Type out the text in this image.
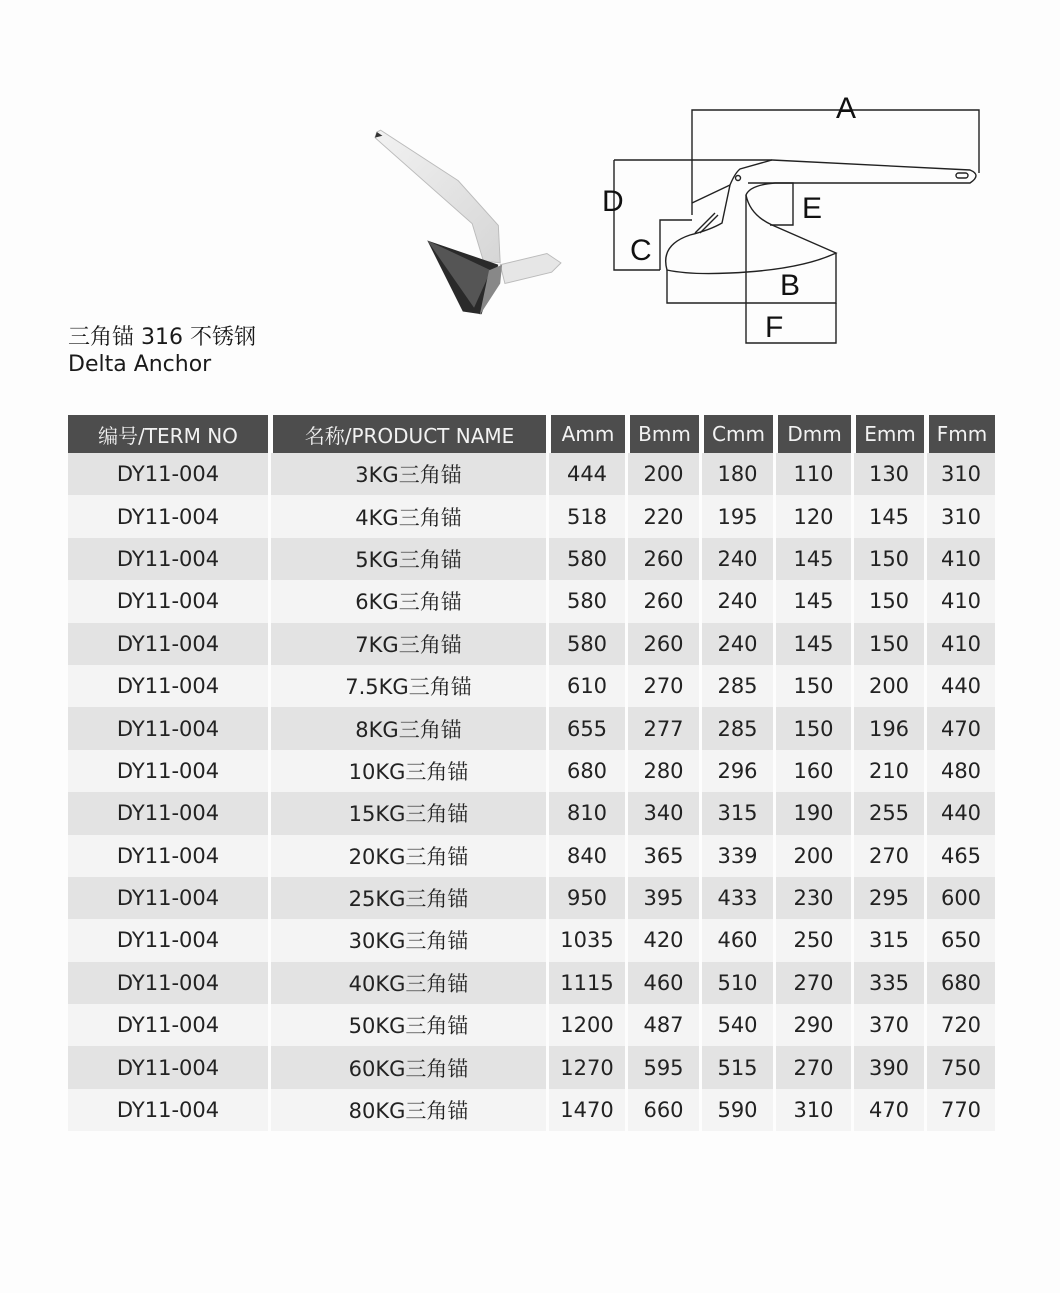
A
B
C
D	E
F
三角锚 316 不锈钢
Delta Anchor
编号/TERM NO	名称/PRODUCT NAME	Amm	Bmm	Cmm	Dmm	Emm	Fmm
DY11-004	3KG三角锚	444	200	180	110	130	310
DY11-004	4KG三角锚	518	220	195	120	145	310
DY11-004	5KG三角锚	580	260	240	145	150	410
DY11-004	6KG三角锚	580	260	240	145	150	410
DY11-004	7KG三角锚	580	260	240	145	150	410
DY11-004	7.5KG三角锚	610	270	285	150	200	440
DY11-004	8KG三角锚	655	277	285	150	196	470
DY11-004	10KG三角锚	680	280	296	160	210	480
DY11-004	15KG三角锚	810	340	315	190	255	440
DY11-004	20KG三角锚	840	365	339	200	270	465
DY11-004	25KG三角锚	950	395	433	230	295	600
DY11-004	30KG三角锚	1035	420	460	250	315	650
DY11-004	40KG三角锚	1115	460	510	270	335	680
DY11-004	50KG三角锚	1200	487	540	290	370	720
DY11-004	60KG三角锚	1270	595	515	270	390	750
DY11-004	80KG三角锚	1470	660	590	310	470	770
